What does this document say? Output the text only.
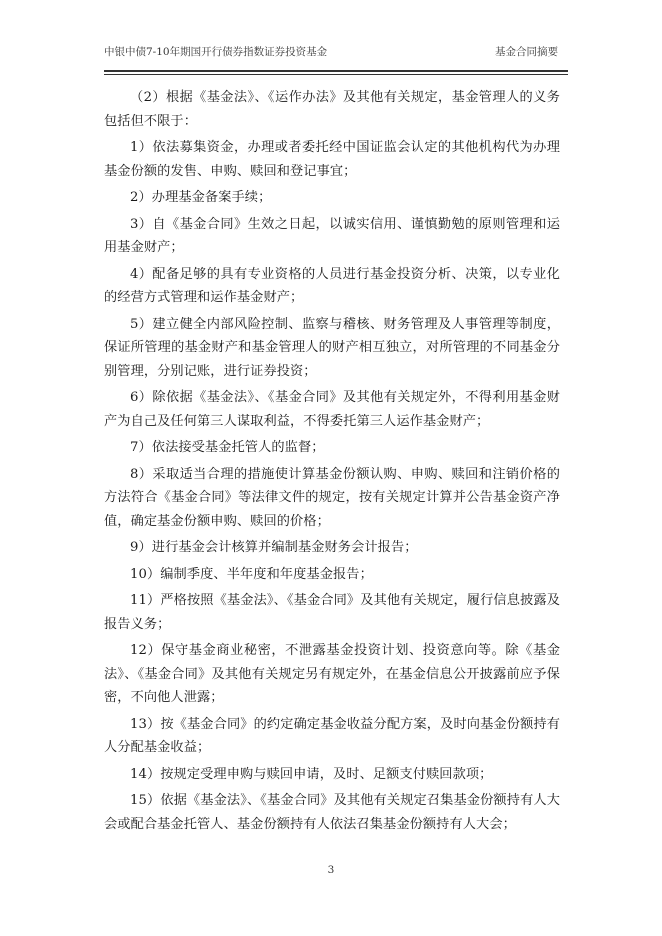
中银中债7-10年期国开行债券指数证券投资基金	基金合同摘要

（2）根据《基金法》、《运作办法》及其他有关规定，基金管理人的义务包括但不限于：

1）依法募集资金，办理或者委托经中国证监会认定的其他机构代为办理基金份额的发售、申购、赎回和登记事宜；

2）办理基金备案手续；

3）自《基金合同》生效之日起，以诚实信用、谨慎勤勉的原则管理和运用基金财产；

4）配备足够的具有专业资格的人员进行基金投资分析、决策，以专业化的经营方式管理和运作基金财产；

5）建立健全内部风险控制、监察与稽核、财务管理及人事管理等制度，保证所管理的基金财产和基金管理人的财产相互独立，对所管理的不同基金分别管理，分别记账，进行证券投资；

6）除依据《基金法》、《基金合同》及其他有关规定外，不得利用基金财产为自己及任何第三人谋取利益，不得委托第三人运作基金财产；

7）依法接受基金托管人的监督；

8）采取适当合理的措施使计算基金份额认购、申购、赎回和注销价格的方法符合《基金合同》等法律文件的规定，按有关规定计算并公告基金资产净值，确定基金份额申购、赎回的价格；

9）进行基金会计核算并编制基金财务会计报告；

10）编制季度、半年度和年度基金报告；

11）严格按照《基金法》、《基金合同》及其他有关规定，履行信息披露及报告义务；

12）保守基金商业秘密，不泄露基金投资计划、投资意向等。除《基金法》、《基金合同》及其他有关规定另有规定外，在基金信息公开披露前应予保密，不向他人泄露；

13）按《基金合同》的约定确定基金收益分配方案，及时向基金份额持有人分配基金收益；

14）按规定受理申购与赎回申请，及时、足额支付赎回款项；

15）依据《基金法》、《基金合同》及其他有关规定召集基金份额持有人大会或配合基金托管人、基金份额持有人依法召集基金份额持有人大会；

3
